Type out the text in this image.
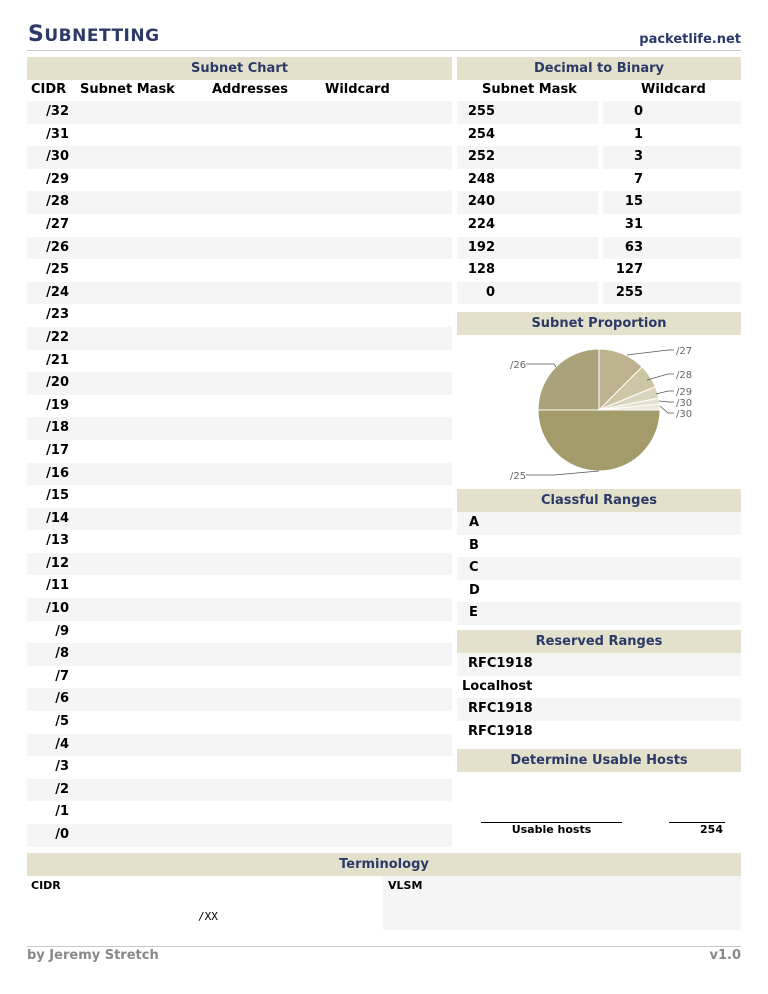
SUBNETTING	packetlife.net
Subnet Chart
CIDR Subnet Mask	Addresses	Wildcard
/32
/31
/30
/29
/28
/27
/26
/25
/24
/23
/22
/21
/20
/19
/18
/17
/16
/15
/14
/13
/12
/11
/10
/9
/8
/7
/6
/5
/4
/3
/2
/1
/0
Decimal to Binary
Subnet Mask	Wildcard
255	0
254	1
252	3
248	7
240	15
224	31
192	63
128	127
0	255
Subnet Proportion
/25
/26
/27
/28
/29
/30
/30
Classful Ranges
A
B
C
D
E
Reserved Ranges
RFC1918
Localhost
RFC1918
RFC1918
Determine Usable Hosts
Usable hosts	254
Terminology
CIDR
/XX
VLSM
by Jeremy Stretch	v1.0
